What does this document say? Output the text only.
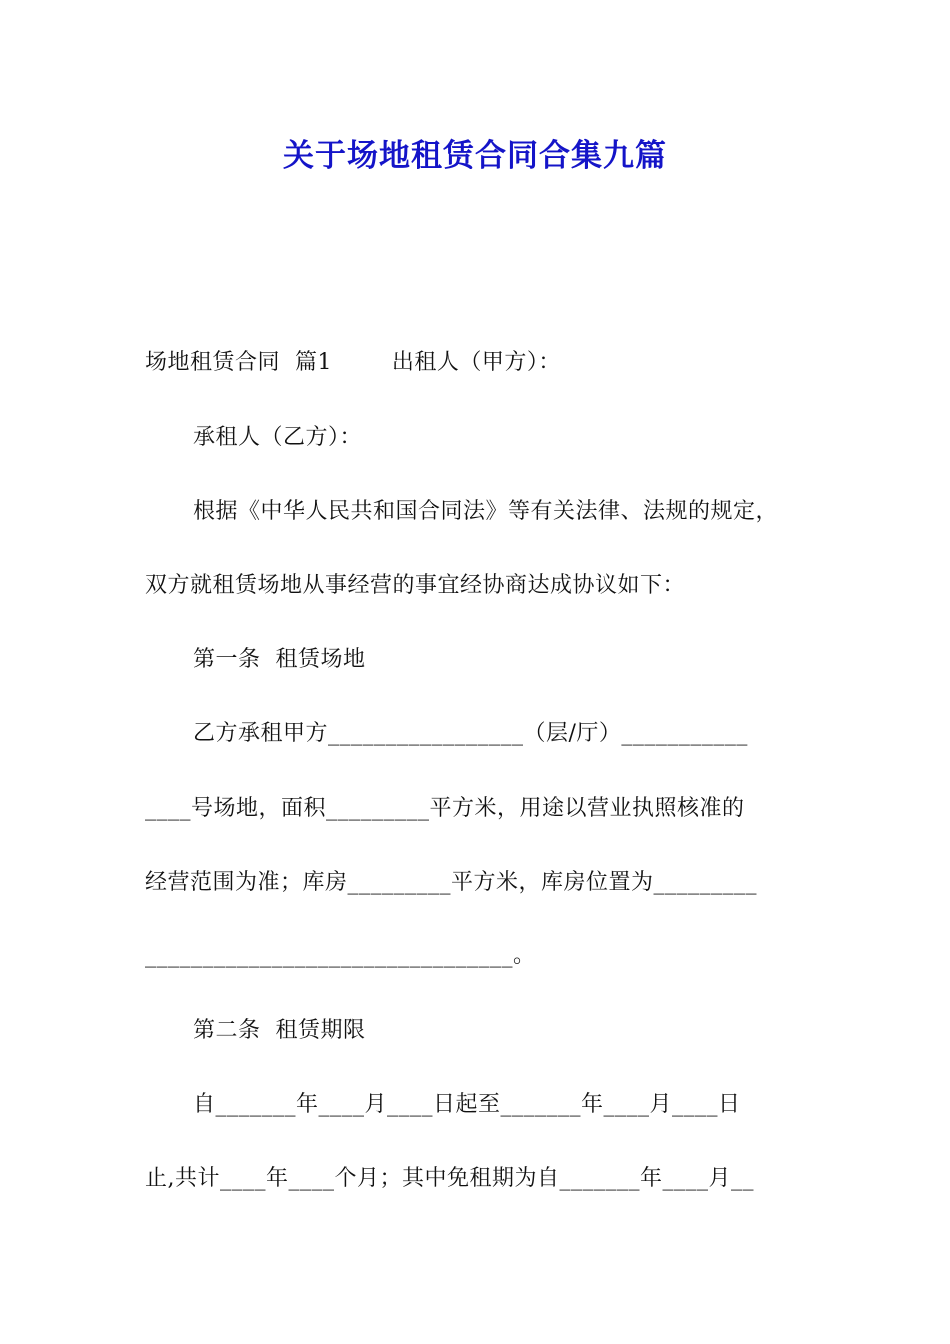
关于场地租赁合同合集九篇
场地租赁合同  篇1        出租人（甲方）：
承租人（乙方）：
根据《中华人民共和国合同法》等有关法律、法规的规定，
双方就租赁场地从事经营的事宜经协商达成协议如下：
第一条  租赁场地
乙方承租甲方_________________（层/厅）___________
____号场地，面积_________平方米，用途以营业执照核准的
经营范围为准；库房_________平方米，库房位置为_________
________________________________。
第二条  租赁期限
自_______年____月____日起至_______年____月____日
止,共计____年____个月；其中免租期为自_______年____月__
